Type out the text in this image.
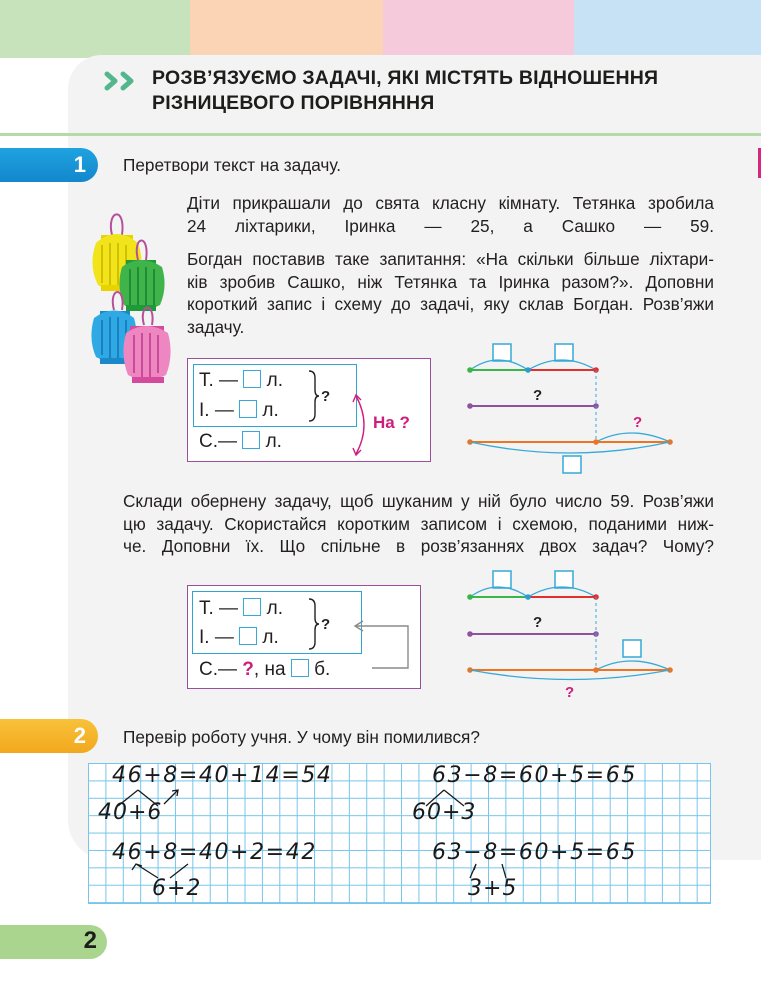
РОЗВ’ЯЗУЄМО ЗАДАЧІ, ЯКІ МІСТЯТЬ ВІДНОШЕННЯ
РІЗНИЦЕВОГО ПОРІВНЯННЯ
1	Перетвори текст на задачу.
Діти прикрашали до свята класну кімнату. Тетянка зробила
24 ліхтарики, Іринка — 25, а Сашко — 59.
Богдан поставив таке запитання: «На скільки більше ліхтари-
ків зробив Сашко, ніж Тетянка та Іринка разом?». Доповни
короткий запис і схему до задачі, яку склав Богдан. Розв’яжи
задачу.
Т. — л.
І. — л.
С.— л.
?
На ?
?
?
Склади обернену задачу, щоб шуканим у ній було число 59. Розв’яжи
цю задачу. Скористайся коротким записом і схемою, поданими ниж-
че. Доповни їх. Що спільне в розв’язаннях двох задач? Чому?
Т. — л.
І. — л.
С.— ?, на б.
?	?
?
2	Перевір роботу учня. У чому він помилився?
46+8=40+14=54
40+6
63−8=60+5=65
60+3
46+8=40+2=42
6+2
63−8=60+5=65
3+5
2
